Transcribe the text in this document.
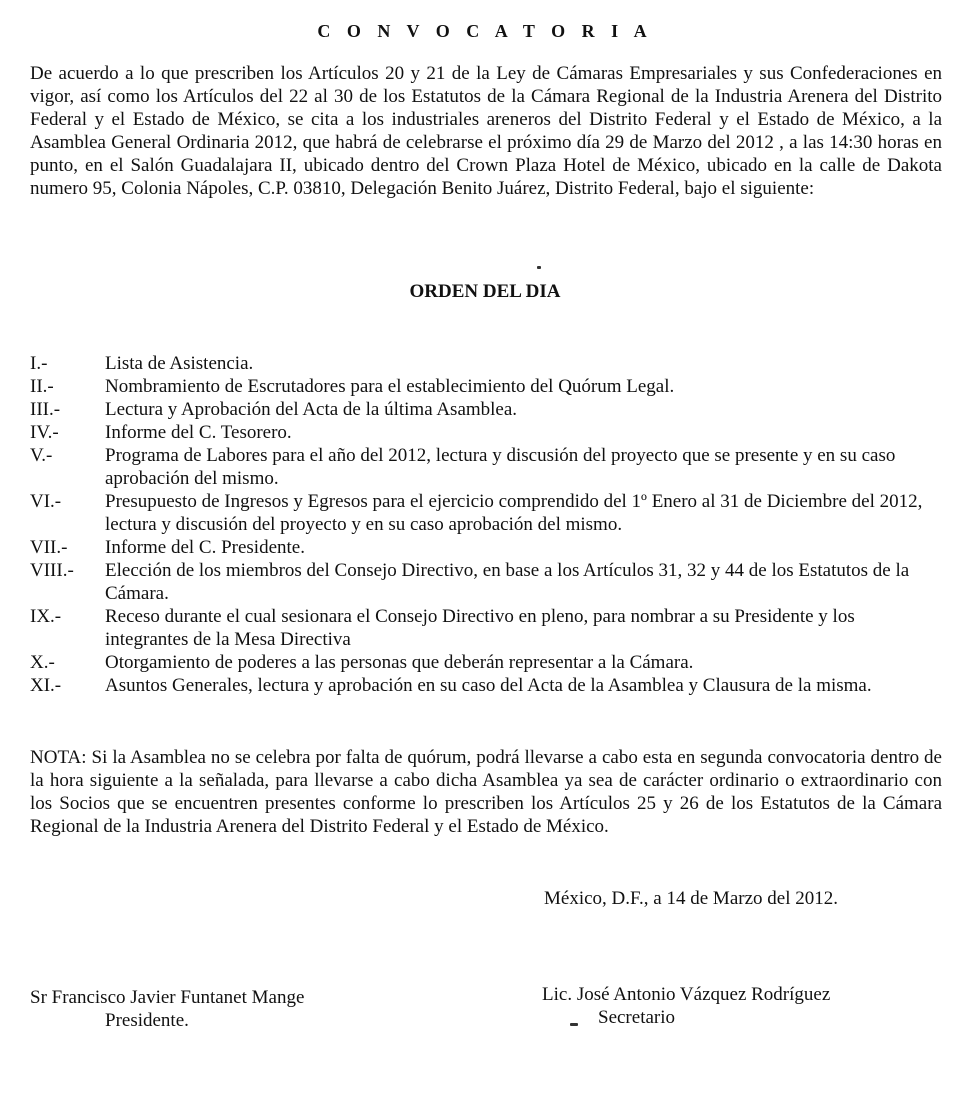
C O N V O C A T O R I A

De acuerdo a lo que prescriben los Artículos 20 y 21 de la Ley de Cámaras Empresariales y sus Confederaciones en vigor, así como los Artículos del 22 al 30 de los Estatutos de la Cámara Regional de la Industria Arenera del Distrito Federal y el Estado de México, se cita a los industriales areneros del Distrito Federal y el Estado de México, a la Asamblea General Ordinaria 2012, que habrá de celebrarse el próximo día 29 de Marzo del 2012 , a las 14:30 horas en punto, en el Salón Guadalajara II, ubicado dentro del Crown Plaza Hotel de México, ubicado en la calle de Dakota numero 95, Colonia Nápoles, C.P. 03810, Delegación Benito Juárez, Distrito Federal, bajo el siguiente:

ORDEN DEL DIA
I.-	Lista de Asistencia.
II.-	Nombramiento de Escrutadores para el establecimiento del Quórum Legal.
III.-	Lectura y Aprobación del Acta de la última Asamblea.
IV.-	Informe del C. Tesorero.
V.-	Programa de Labores para el año del 2012, lectura y discusión del proyecto que se presente y en su caso aprobación del mismo.
VI.-	Presupuesto de Ingresos y Egresos para el ejercicio comprendido del 1º Enero al 31 de Diciembre del 2012, lectura y discusión del proyecto y en su caso aprobación del mismo.
VII.-	Informe del C. Presidente.
VIII.-	Elección de los miembros del Consejo Directivo, en base a los Artículos 31, 32 y 44 de los Estatutos de la Cámara.
IX.-	Receso durante el cual sesionara el Consejo Directivo en pleno, para nombrar a su Presidente y los integrantes de la Mesa Directiva
X.-	Otorgamiento de poderes a las personas que deberán representar a la Cámara.
XI.-	Asuntos Generales, lectura y aprobación en su caso del Acta de la Asamblea y Clausura de la misma.

NOTA: Si la Asamblea no se celebra por falta de quórum, podrá llevarse a cabo esta en segunda convocatoria dentro de la hora siguiente a la señalada, para llevarse a cabo dicha Asamblea ya sea de carácter ordinario o extraordinario con los Socios que se encuentren presentes conforme lo prescriben los Artículos 25 y 26 de los Estatutos de la Cámara Regional de la Industria Arenera del Distrito Federal y el Estado de México.

México, D.F., a 14 de Marzo del 2012.

Sr Francisco Javier Funtanet Mange
Presidente.
Lic. José Antonio Vázquez Rodríguez
Secretario
